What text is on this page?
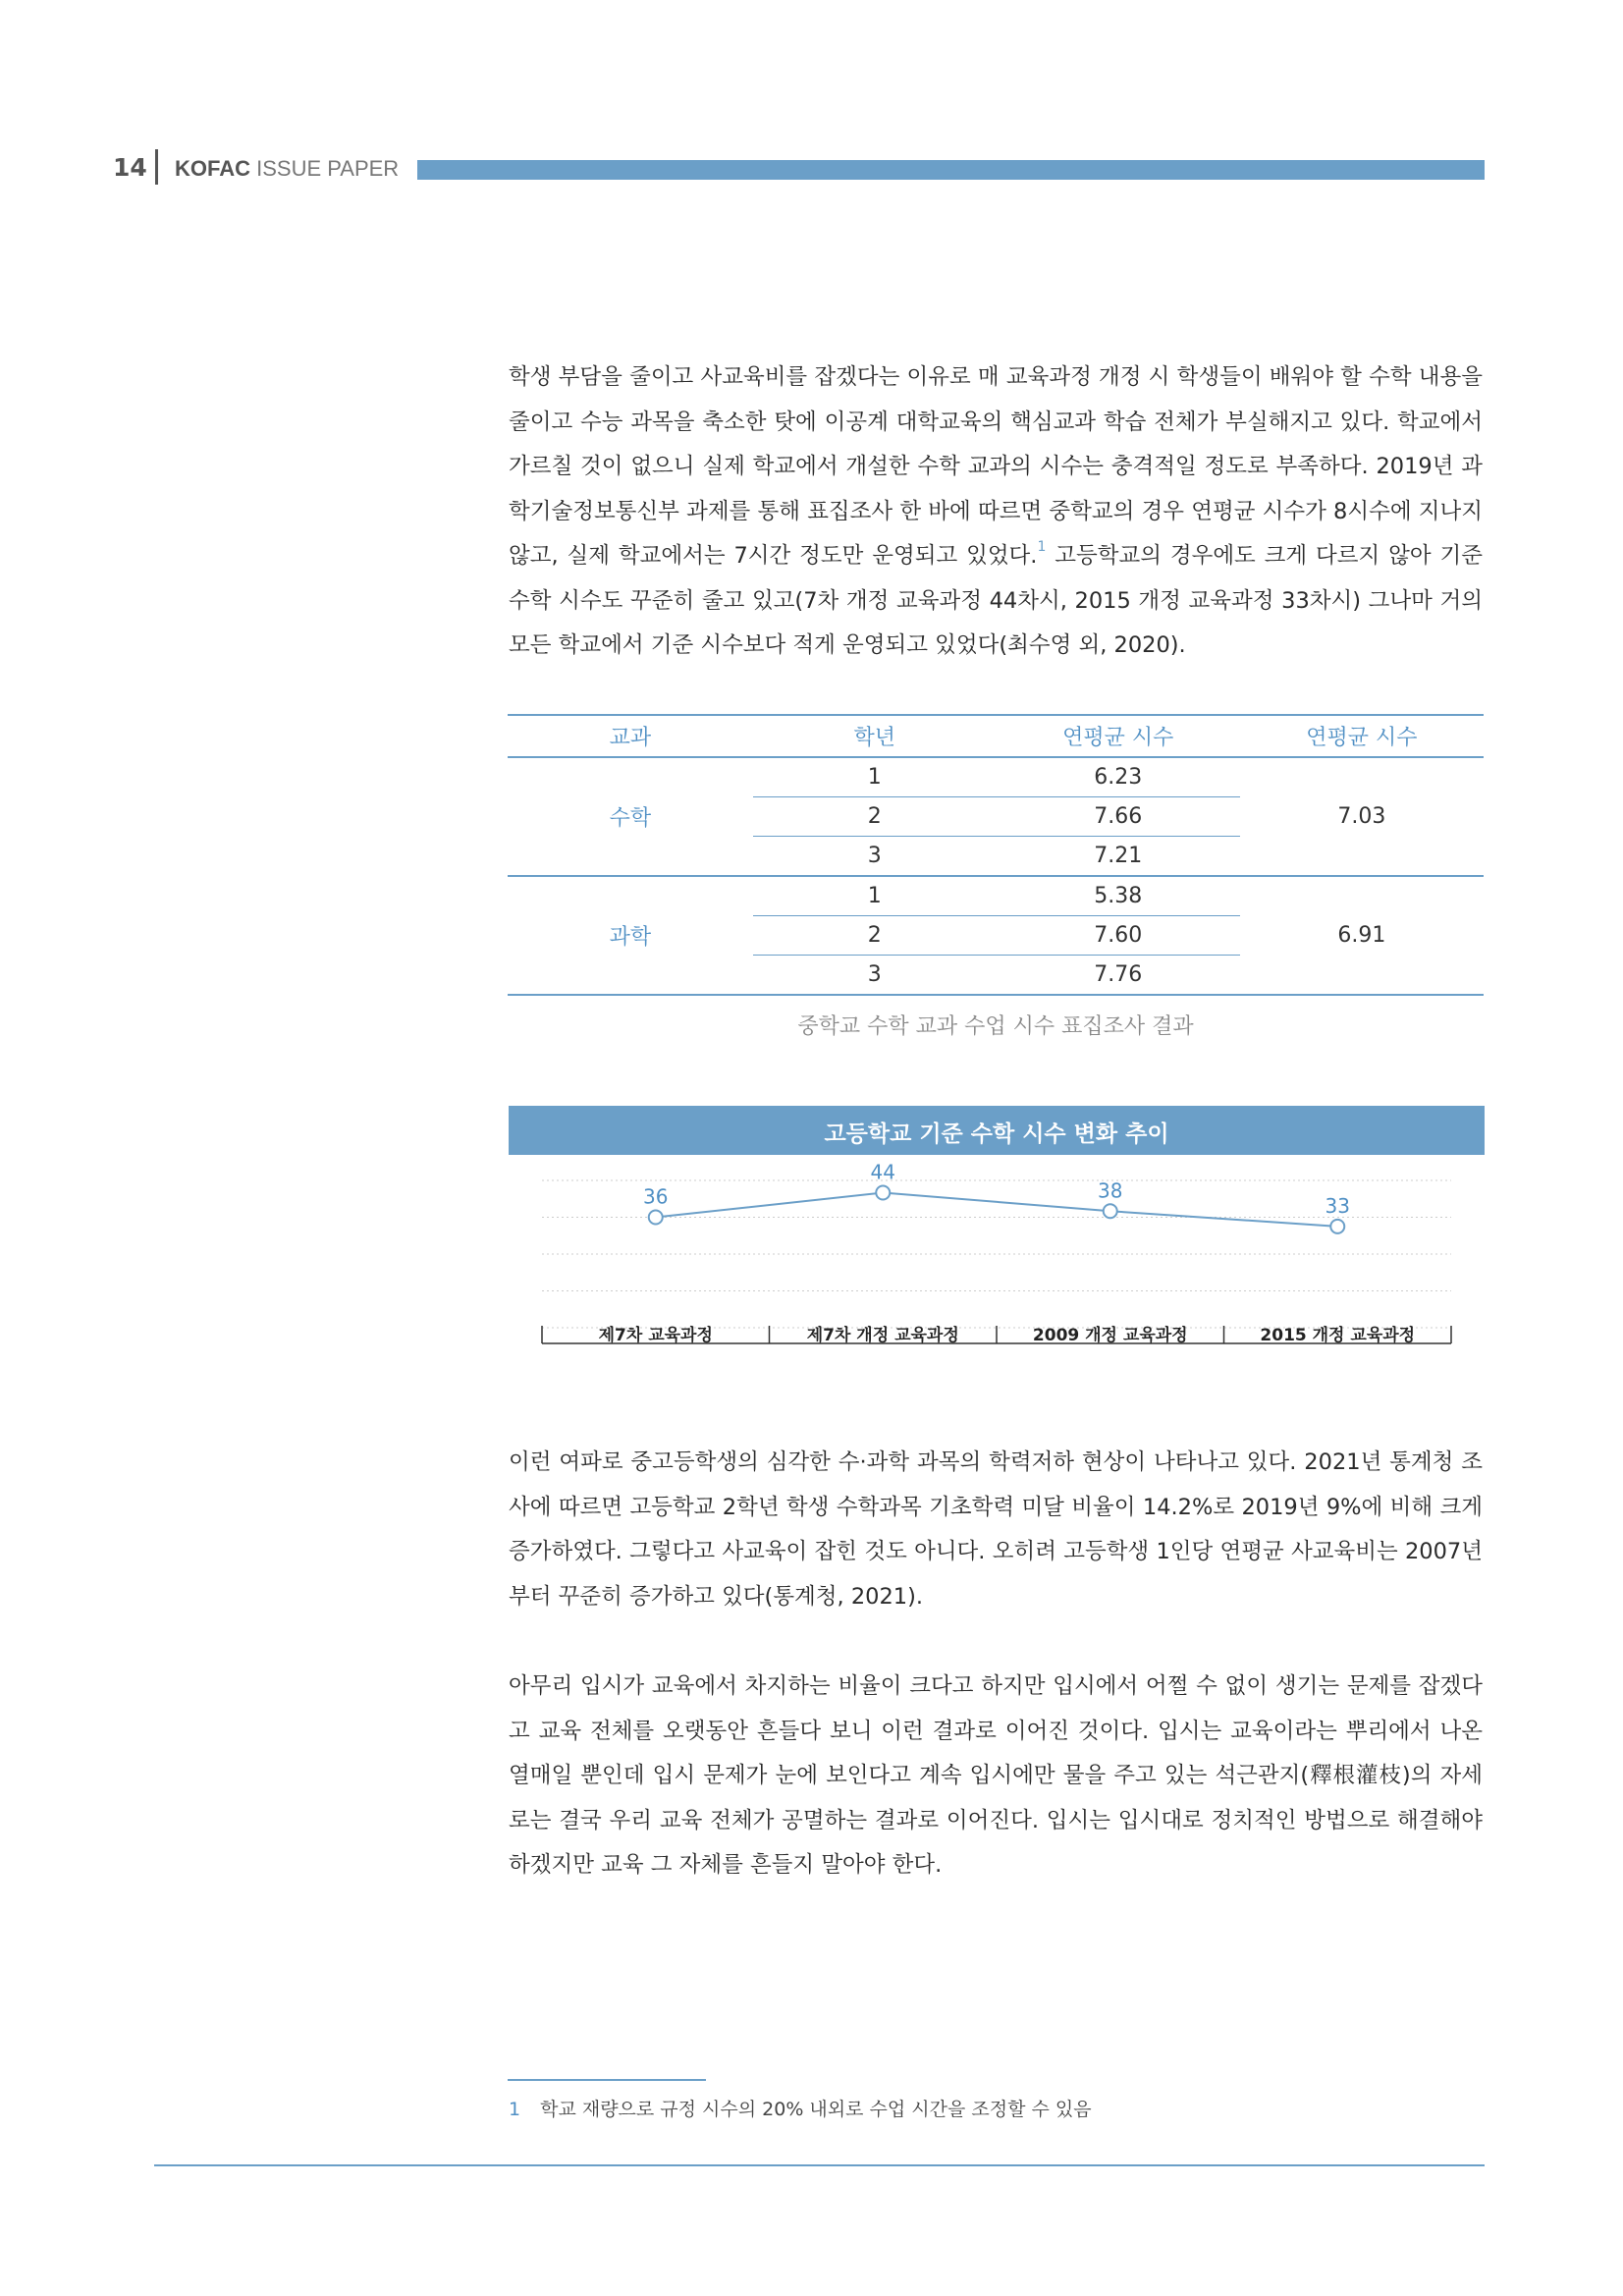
14 KOFAC ISSUE PAPER
학생 부담을 줄이고 사교육비를 잡겠다는 이유로 매 교육과정 개정 시 학생들이 배워야 할 수학 내용을 줄이고 수능 과목을 축소한 탓에 이공계 대학교육의 핵심교과 학습 전체가 부실해지고 있다. 학교에서 가르칠 것이 없으니 실제 학교에서 개설한 수학 교과의 시수는 충격적일 정도로 부족하다. 2019년 과학기술정보통신부 과제를 통해 표집조사 한 바에 따르면 중학교의 경우 연평균 시수가 8시수에 지나지 않고, 실제 학교에서는 7시간 정도만 운영되고 있었다.$^1$ 고등학교의 경우에도 크게 다르지 않아 기준 수학 시수도 꾸준히 줄고 있고(7차 개정 교육과정 44차시, 2015 개정 교육과정 33차시) 그나마 거의 모든 학교에서 기준 시수보다 적게 운영되고 있었다(최수영 외, 2020).
교과	학년	연평균 시수	연평균 시수
수학	1	6.23	7.03
	2	7.66	
	3	7.21	
과학	1	5.38	6.91
	2	7.60	
	3	7.76	
중학교 수학 교과 수업 시수 표집조사 결과
고등학교 기준 수학 시수 변화 추이
36
44
38
33
제7차 교육과정	제7차 개정 교육과정	2009 개정 교육과정	2015 개정 교육과정
이런 여파로 중고등학생의 심각한 수·과학 과목의 학력저하 현상이 나타나고 있다. 2021년 통계청 조사에 따르면 고등학교 2학년 학생 수학과목 기초학력 미달 비율이 14.2%로 2019년 9%에 비해 크게 증가하였다. 그렇다고 사교육이 잡힌 것도 아니다. 오히려 고등학생 1인당 연평균 사교육비는 2007년부터 꾸준히 증가하고 있다(통계청, 2021).
아무리 입시가 교육에서 차지하는 비율이 크다고 하지만 입시에서 어쩔 수 없이 생기는 문제를 잡겠다고 교육 전체를 오랫동안 흔들다 보니 이런 결과로 이어진 것이다. 입시는 교육이라는 뿌리에서 나온 열매일 뿐인데 입시 문제가 눈에 보인다고 계속 입시에만 물을 주고 있는 석근관지(釋根灌枝)의 자세로는 결국 우리 교육 전체가 공멸하는 결과로 이어진다. 입시는 입시대로 정치적인 방법으로 해결해야 하겠지만 교육 그 자체를 흔들지 말아야 한다.
1 학교 재량으로 규정 시수의 20% 내외로 수업 시간을 조정할 수 있음
